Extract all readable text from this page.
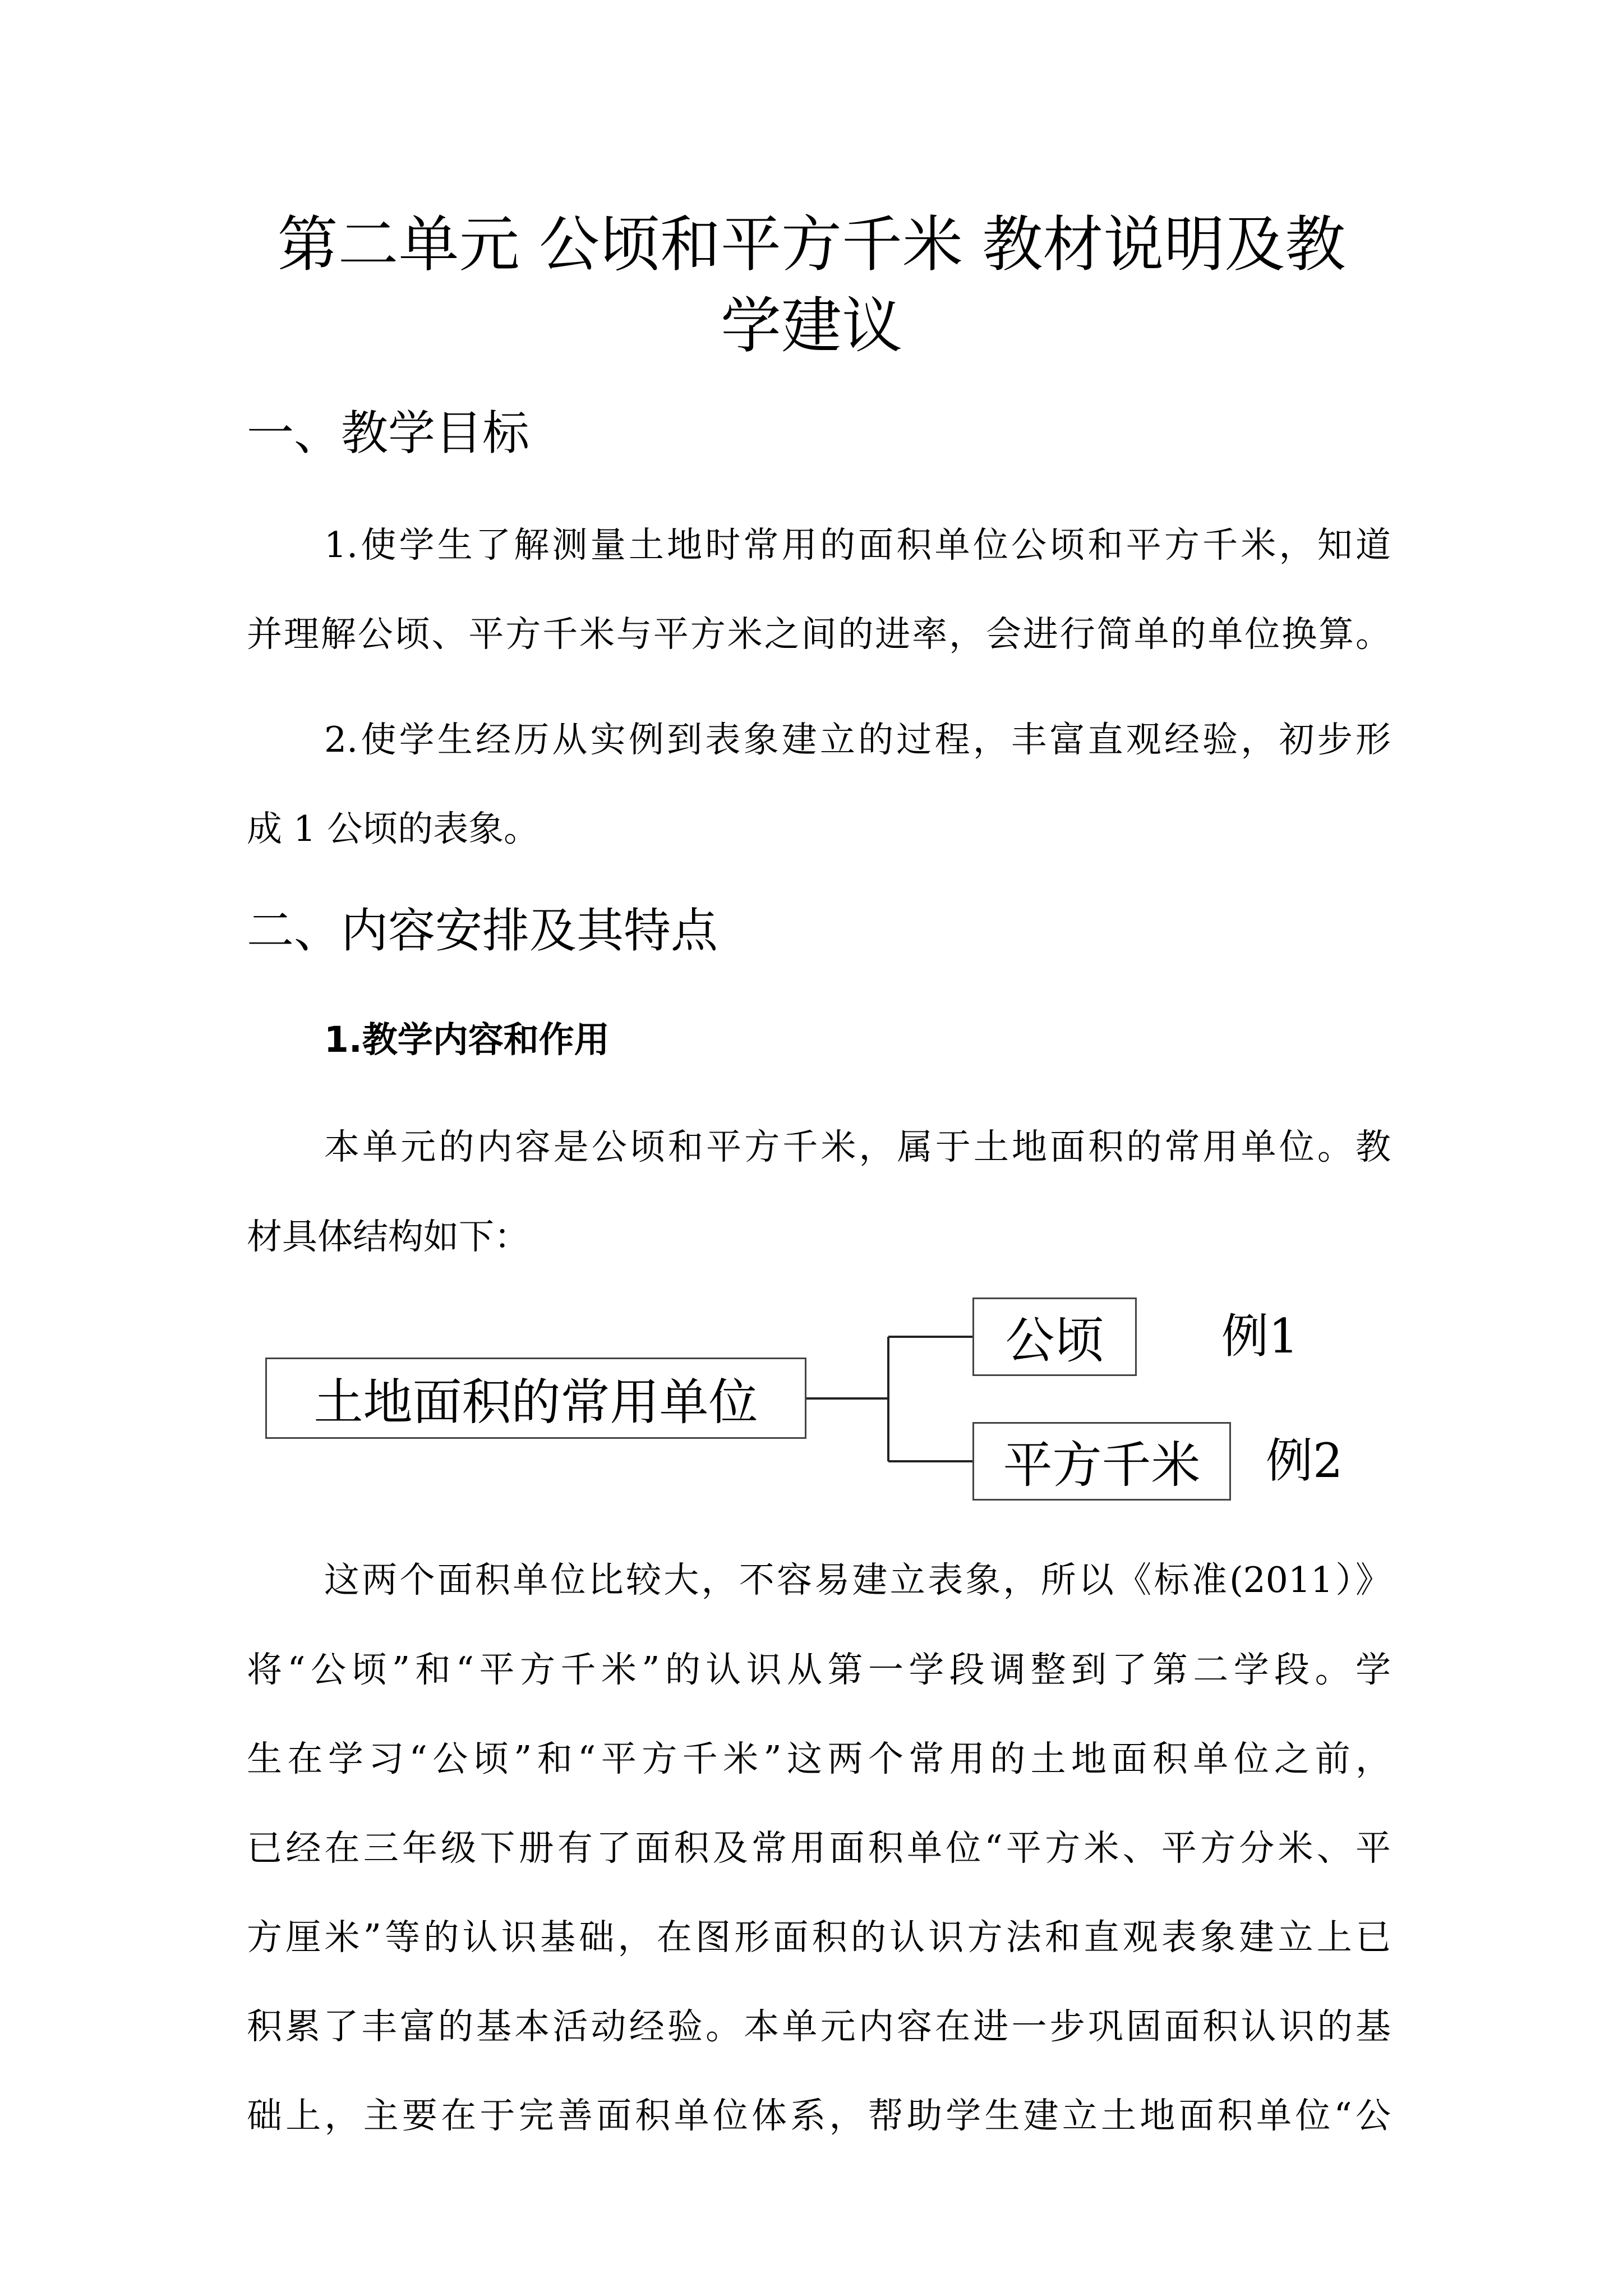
第二单元 公顷和平方千米 教材说明及教
学建议
一、教学目标
1.使学生了解测量土地时常用的面积单位公顷和平方千米，知道
并理解公顷、平方千米与平方米之间的进率，会进行简单的单位换算。
2.使学生经历从实例到表象建立的过程，丰富直观经验，初步形
成 1 公顷的表象。
二、内容安排及其特点
1.教学内容和作用
本单元的内容是公顷和平方千米，属于土地面积的常用单位。教
材具体结构如下：
土地面积的常用单位
公顷
平方千米
例1
例2
这两个面积单位比较大，不容易建立表象，所以《标准(2011）》
将“公顷”和“平方千米”的认识从第一学段调整到了第二学段。学
生在学习“公顷”和“平方千米”这两个常用的土地面积单位之前，
已经在三年级下册有了面积及常用面积单位“平方米、平方分米、平
方厘米”等的认识基础，在图形面积的认识方法和直观表象建立上已
积累了丰富的基本活动经验。本单元内容在进一步巩固面积认识的基
础上，主要在于完善面积单位体系，帮助学生建立土地面积单位“公
